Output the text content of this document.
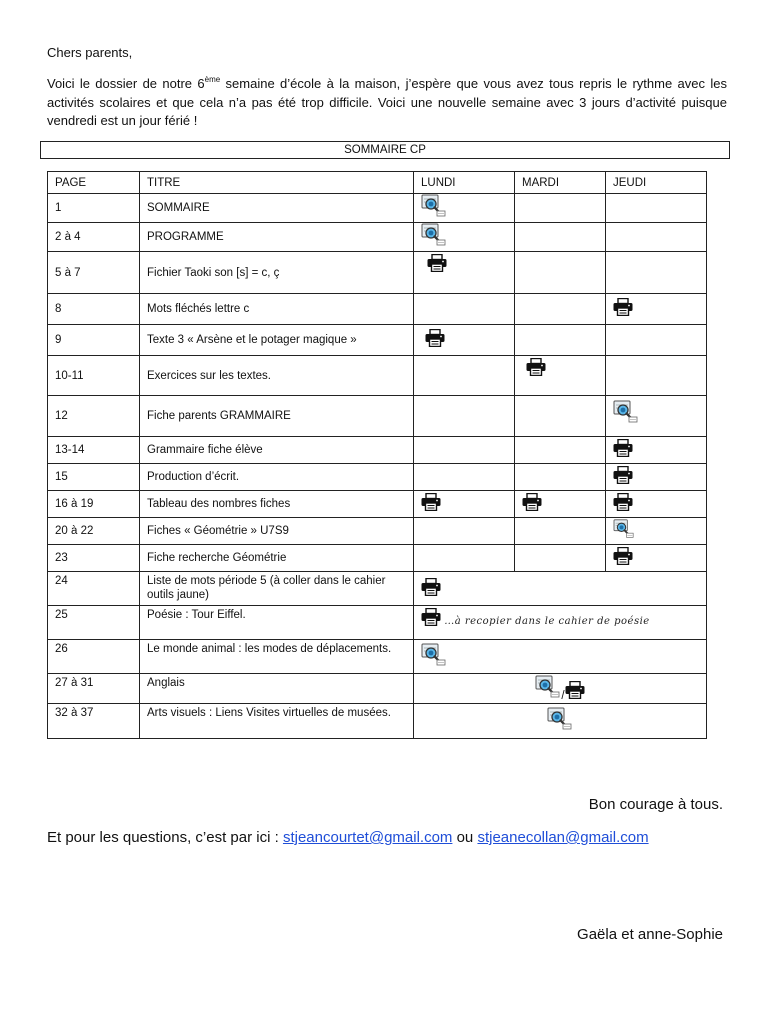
Chers parents,
Voici le dossier de notre 6ème semaine d’école à la maison, j’espère que vous avez tous repris le rythme avec les activités scolaires et que cela n’a pas été trop difficile. Voici une nouvelle semaine avec 3 jours d’activité puisque vendredi est un jour férié !
SOMMAIRE CP
PAGE	TITRE	LUNDI	MARDI	JEUDI
1	SOMMAIRE			
2 à 4	PROGRAMME			
5 à 7	Fichier Taoki son [s] = c, ç			
8	Mots fléchés lettre c			
9	Texte 3 « Arsène et le potager magique »			
10-11	Exercices sur les textes.			
12	Fiche parents GRAMMAIRE			
13-14	Grammaire fiche élève			
15	Production d’écrit.			
16 à 19	Tableau des nombres fiches			
20 à 22	Fiches « Géométrie » U7S9			
23	Fiche recherche Géométrie			
24	Liste de mots période 5 (à coller dans le cahier outils jaune)	
25	Poésie : Tour Eiffel.	…à recopier dans le cahier de poésie		
26	Le monde animal : les modes de déplacements.	
27 à 31	Anglais	/		
32 à 37	Arts visuels : Liens Visites virtuelles de musées.	
Bon courage à tous.
Et pour les questions, c’est par ici : stjeancourtet@gmail.com ou stjeanecollan@gmail.com
Gaëla et anne-Sophie
